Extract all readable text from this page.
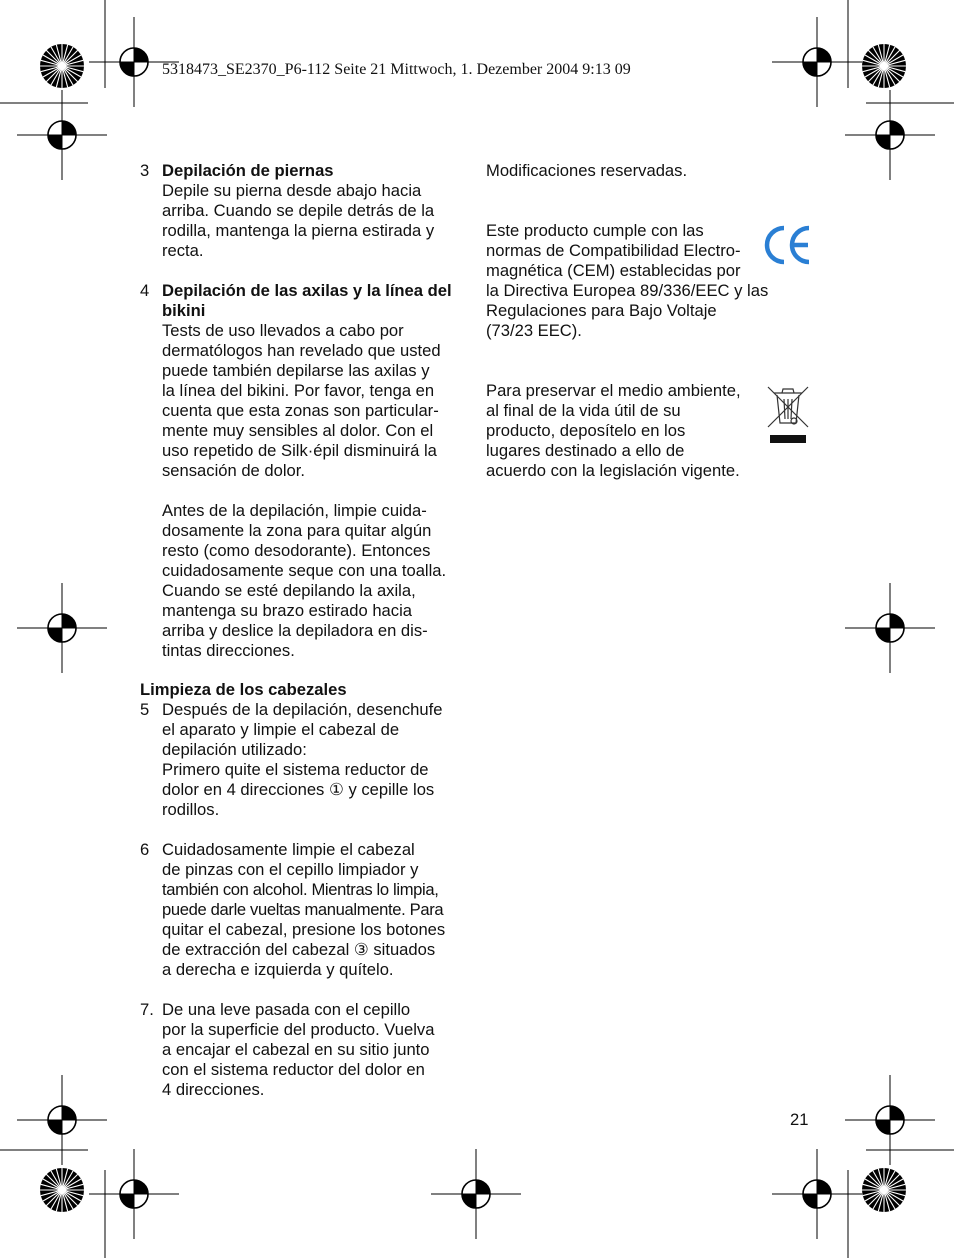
5318473_SE2370_P6-112 Seite 21 Mittwoch, 1. Dezember 2004 9:13 09
3 Depilación de piernas

Depile su pierna desde abajo hacia

arriba. Cuando se depile detrás de la

rodilla, mantenga la pierna estirada y

recta.

4 Depilación de las axilas y la línea del

bikini

Tests de uso llevados a cabo por

dermatólogos han revelado que usted

puede también depilarse las axilas y

la línea del bikini. Por favor, tenga en

cuenta que esta zonas son particular-

mente muy sensibles al dolor. Con el

uso repetido de Silk·épil disminuirá la

sensación de dolor.

Antes de la depilación, limpie cuida-

dosamente la zona para quitar algún

resto (como desodorante). Entonces

cuidadosamente seque con una toalla.

Cuando se esté depilando la axila,

mantenga su brazo estirado hacia

arriba y deslice la depiladora en dis-

tintas direcciones.

Limpieza de los cabezales

5 Después de la depilación, desenchufe

el aparato y limpie el cabezal de

depilación utilizado:

Primero quite el sistema reductor de

dolor en 4 direcciones ① y cepille los

rodillos.

6 Cuidadosamente limpie el cabezal

de pinzas con el cepillo limpiador y

también con alcohol. Mientras lo limpia,

puede darle vueltas manualmente. Para

quitar el cabezal, presione los botones

de extracción del cabezal ③ situados

a derecha e izquierda y quítelo.

7. De una leve pasada con el cepillo

por la superficie del producto. Vuelva

a encajar el cabezal en su sitio junto

con el sistema reductor del dolor en

4 direcciones.

Modificaciones reservadas.

Este producto cumple con las

normas de Compatibilidad Electro-

magnética (CEM) establecidas por

la Directiva Europea 89/336/EEC y las

Regulaciones para Bajo Voltaje

(73/23 EEC).

Para preservar el medio ambiente,

al final de la vida útil de su

producto, deposítelo en los

lugares destinado a ello de

acuerdo con la legislación vigente.

21
